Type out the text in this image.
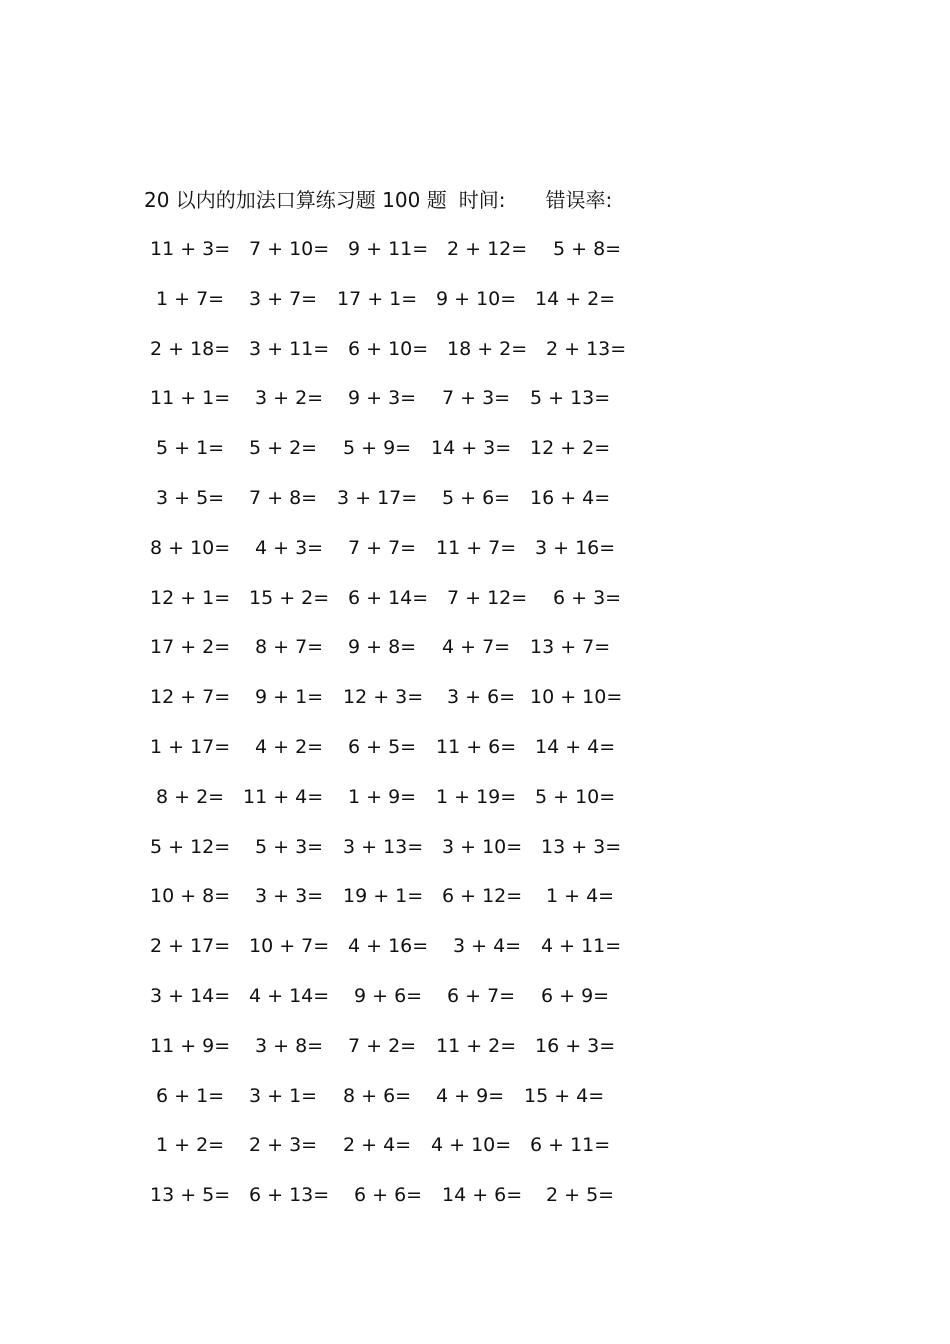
20 以内的加法口算练习题 100 题 时间: 错误率:
11 + 3= 7 + 10= 9 + 11= 2 + 12= 5 + 8=
1 + 7= 3 + 7= 17 + 1= 9 + 10= 14 + 2=
2 + 18= 3 + 11= 6 + 10= 18 + 2= 2 + 13=
11 + 1= 3 + 2= 9 + 3= 7 + 3= 5 + 13=
5 + 1= 5 + 2= 5 + 9= 14 + 3= 12 + 2=
3 + 5= 7 + 8= 3 + 17= 5 + 6= 16 + 4=
8 + 10= 4 + 3= 7 + 7= 11 + 7= 3 + 16=
12 + 1= 15 + 2= 6 + 14= 7 + 12= 6 + 3=
17 + 2= 8 + 7= 9 + 8= 4 + 7= 13 + 7=
12 + 7= 9 + 1= 12 + 3= 3 + 6= 10 + 10=
1 + 17= 4 + 2= 6 + 5= 11 + 6= 14 + 4=
8 + 2= 11 + 4= 1 + 9= 1 + 19= 5 + 10=
5 + 12= 5 + 3= 3 + 13= 3 + 10= 13 + 3=
10 + 8= 3 + 3= 19 + 1= 6 + 12= 1 + 4=
2 + 17= 10 + 7= 4 + 16= 3 + 4= 4 + 11=
3 + 14= 4 + 14= 9 + 6= 6 + 7= 6 + 9=
11 + 9= 3 + 8= 7 + 2= 11 + 2= 16 + 3=
6 + 1= 3 + 1= 8 + 6= 4 + 9= 15 + 4=
1 + 2= 2 + 3= 2 + 4= 4 + 10= 6 + 11=
13 + 5= 6 + 13= 6 + 6= 14 + 6= 2 + 5=
